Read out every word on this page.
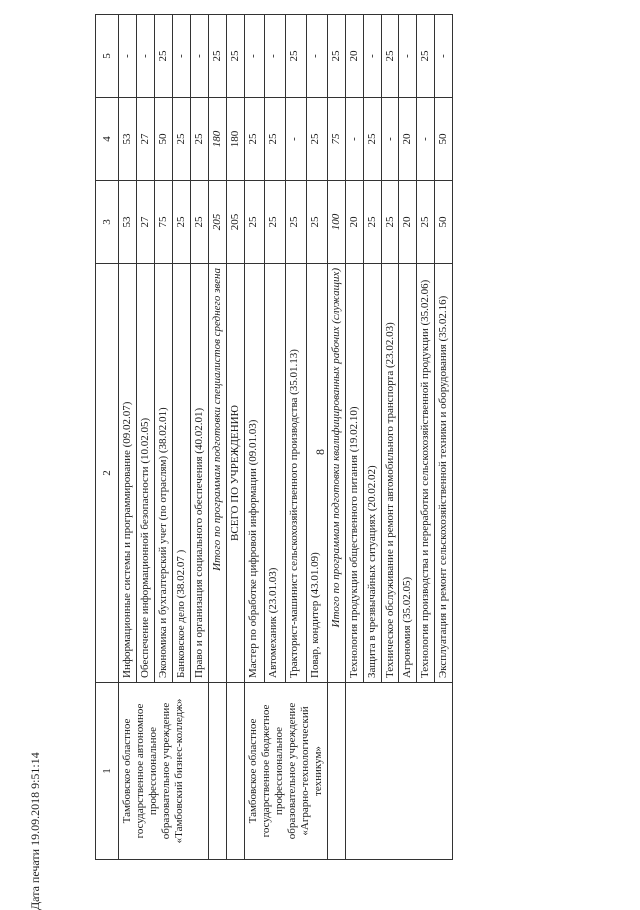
8
1	2	3	4	5
Тамбовское областное государственное автономное профессиональное образовательное учреждение «Тамбовский бизнес-колледж»	Информационные системы и программирование (09.02.07)	53	53	-
	Обеспечение информационной безопасности (10.02.05)	27	27	-
	Экономика и бухгалтерский учет (по отраслям) (38.02.01)	75	50	25
	Банковское дело (38.02.07 )	25	25	-
	Право и организация социального обеспечения (40.02.01)	25	25	-
	Итого по программам подготовки специалистов среднего звена	205	180	25
	ВСЕГО ПО УЧРЕЖДЕНИЮ	205	180	25
Тамбовское областное государственное бюджетное профессиональное образовательное учреждение «Аграрно-технологический техникум»	Мастер по обработке цифровой информации (09.01.03)	25	25	-
	Автомеханик (23.01.03)	25	25	-
	Тракторист-машинист сельскохозяйственного производства (35.01.13)	25	-	25
	Повар, кондитер (43.01.09)	25	25	-
	Итого по программам подготовки квалифицированных рабочих (служащих)	100	75	25
	Технология продукции общественного питания (19.02.10)	20	-	20
	Защита в чрезвычайных ситуациях (20.02.02)	25	25	-
	Техническое обслуживание и ремонт автомобильного транспорта (23.02.03)	25	-	25
	Агрономия (35.02.05)	20	20	-
	Технология производства и переработки сельскохозяйственной продукции (35.02.06)	25	-	25
	Эксплуатация и ремонт сельскохозяйственной техники и оборудования (35.02.16)	50	50	-
Дата печати 19.09.2018 9:51:14
